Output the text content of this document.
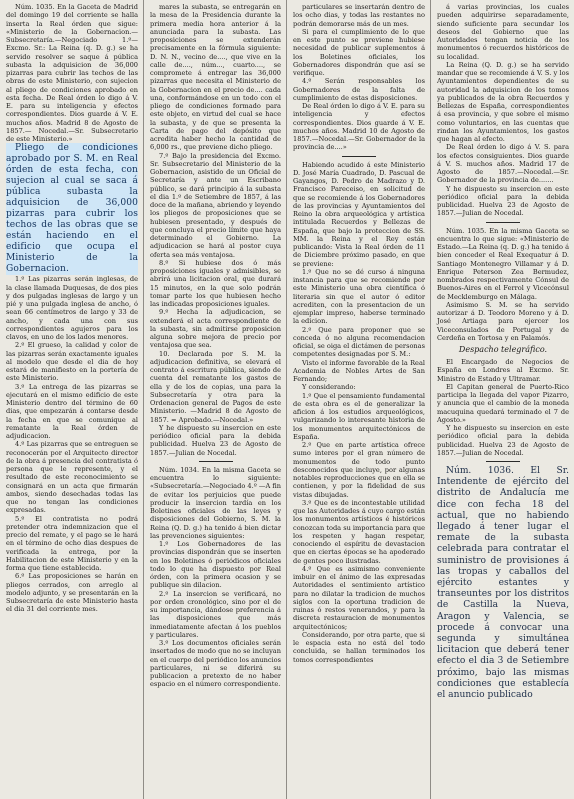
Núm. 1035. En la Gaceta de Madrid del domingo 19 del corriente se halla inserta la Real órden que sigue: «Ministerio de la Gobernacion.— Subsecretaría.—Negociado 1.º—Excmo. Sr.: La Reina (q. D. g.) se ha servido resolver se saque á pública subasta la adquisicion de 36,000 pizarras para cubrir las techos de las obras de este Ministerio, con sujecion al pliego de condiciones aprobado en esta fecha. De Real órden lo digo á V. E. para su inteligencia y efectos correspondientes. Dios guarde á V. E. muchos años. Madrid 8 de Agosto de 1857.— Nocedal.—Sr. Subsecretario de este Ministerio.»

Pliego de condiciones aprobado por S. M. en Real órden de esta fecha, con sujecion al cual se saca á pública subasta la adquisicion de 36,000 pizarras para cubrir los techos de las obras que se están haciendo en el edificio que ocupa el Ministerio de la Gobernacion.

1.º Las pizarras serán inglesas, de la clase llamada Duquesas, de dos pies y dos pulgadas inglesas de largo y un pié y una pulgada inglesa de ancho, ó sean 66 centímetros de largo y 33 de ancho, y cada una con sus correspondientes agujeros para los clavos, en uno de los lados menores.

2.º El grueso, la calidad y color de las pizarras serán exactamente iguales al modelo que desde el dia de hoy estará de manifiesto en la portería de este Ministerio.

3.º La entrega de las pizarras se ejecutará en el mismo edificio de este Ministerio dentro del término de 60 dias, que empezarán á contarse desde la fecha en que se comunique al rematante la Real órden de adjudicacion.

4.º Las pizarras que se entreguen se reconocerán por el Arquitecto director de la obra á presencia del contratista ó persona que le represente, y el resultado de este reconocimiento se consignará en un acta que firmarán ambos, siendo desechadas todas las que no tengan las condiciones expresadas.

5.º El contratista no podrá pretender otra indemnizacion que el precio del remate, y el pago se le hará en el término de ocho dias despues de verificada la entrega, por la Habilitacion de este Ministerio y en la forma que tiene establecida.

6.º Las proposiciones se harán en pliegos cerrados, con arreglo al modelo adjunto, y se presentarán en la Subsecretaría de este Ministerio hasta el dia 31 del corriente mes.

mares la subasta, se entregarán en la mesa de la Presidencia durante la primera media hora anterior á la anunciada para la subasta. Las proposiciones se extenderán precisamente en la fórmula siguiente: D. N. N., vecino de...., que vive en la calle de...., núm..., cuarto...., se compromete á entregar las 36,000 pizarras que necesita el Ministerio de la Gobernacion en el precio de.... cada una, conformándose en un todo con el pliego de condiciones formado para este objeto, en virtud del cual se hace la subasta, y de que se presenta la Carta de pago del depósito que acredita haber hecho la cantidad de 6,000 rs., que previene dicho pliego.

7.º Bajo la presidencia del Excmo. Sr. Subsecretario del Ministerio de la Gobernacion, asistido de un Oficial de Secretaría y ante un Escribano público, se dará principio á la subasta el dia 1.º de Setiembre de 1857, á las doce de la mañana, abriendo y leyendo los pliegos de proposiciones que se hubiesen presentado, y después de que concluya el precio límite que haya determinado el Gobierno. La adjudicacion se hará al postor cuya oferta sea más ventajosa.

8.º Si hubiese dos ó más proposiciones iguales y admisibles, se abrirá una licitacion oral, que durará 15 minutos, en la que solo podrán tomar parte los que hubiesen hecho las indicadas proposiciones iguales.

9.º Hecha la adjudicacion, se extenderá el acta correspondiente de la subasta, sin admitirse proposicion alguna sobre mejora de precio por ventajosa que sea.

10. Declarada por S. M. la adjudicacion definitiva, se elevará el contrato á escritura pública, siendo de cuenta del rematante los gastos de ella y de los de copias, una para la Subsecretaría y otra para la Ordenacion general de Pagos de este Ministerio. —Madrid 8 de Agosto de 1857. = Aprobado.—Nocedal.»

Y he dispuesto su insercion en este periódico oficial para la debida publicidad. Huelva 23 de Agosto de 1857.—Julian de Nocedal.

Núm. 1034. En la misma Gaceta se encuentra lo siguiente: «Subsecretaría.—Negociado 4.º —A fin de evitar los perjuicios que puede producir la insercion tardía en los Boletines oficiales de las leyes y disposiciones del Gobierno, S. M. la Reina (Q. D. g.) ha tenido á bien dictar las prevenciones siguientes:

1.º Los Gobernadores de las provincias dispondrán que se inserten en los Boletines ó periódicos oficiales todo lo que ha dispuesto por Real órden, con la primera ocasion y se publique sin dilacion.

2.º La insercion se verificará, no por orden cronológico, sino por el de su importancia, dándose preferencia á las disposiciones que más inmediatamente afectan á los pueblos y particulares.

3.º Los documentos oficiales serán insertados de modo que no se incluyan en el cuerpo del periódico los anuncios particulares, ni se diferirá su publicacion a pretexto de no haber espacio en el número correspondiente.

particulares se insertarán dentro de los ocho dias, y todas las restantes no podrán demorarse más de un mes.

Si para el cumplimiento de lo que en este punto se previene hubiese necesidad de publicar suplementos á los Boletines oficiales, los Gobernadores dispondrán que así se verifique.

4.º Serán responsables los Gobernadores de la falta de cumplimiento de estas disposiciones.

De Real órden lo digo á V. E. para su inteligencia y efectos correspondientes. Dios guarde á V. E. muchos años. Madrid 10 de Agosto de 1857.—Nocedal.—Sr. Gobernador de la provincia de....»

Habiendo acudido á este Ministerio D. José María Cuadrado, D. Pascual de Gayangos, D. Pedro de Madrazo y D. Francisco Pareceiso, en solicitud de que se recomiende á los Gobernadores de las provincias y Ayuntamientos del Reino la obra arqueológica y artística intitulada Recuerdos y Bellezas de España, que bajo la proteccion de SS. MM. la Reina y el Rey están publicando: Vista la Real órden de 11 de Diciembre próximo pasado, en que se previene:

1.º Que no se dé curso á ninguna instancia para que se recomiende por este Ministerio una obra científica ó literaria sin que el autor ó editor acrediten, con la presentacion de un ejemplar impreso, haberse terminado la edicion.

2.º Que para proponer que se conceda ó no alguna recomendacion oficial, se oiga el dictámen de personas competentes designadas por S. M.:

Visto el informe favorable de la Real Academia de Nobles Artes de San Fernando;

Y considerando:

1.º Que el pensamiento fundamental de esta obra es el de generalizar la aficion á los estudios arqueológicos, vulgarizando lo interesante historia de los monumentos arquitectónicos de España.

2.º Que en parte artística ofrece sumo interes por el gran número de monumentos de todo punto desconocidos que incluye, por algunas notables reproducciones que en ella se contienen, y por la fidelidad de sus vistas dibujadas.

3.º Que es de incontestable utilidad que las Autoridades á cuyo cargo están los monumentos artísticos é históricos conozcan toda su importancia para que los respeten y hagan respetar, conociendo el espíritu de devastacion que en ciertas épocas se ha apoderado de gentes poco ilustradas.

4.º Que es asimismo conveniente imbuir en el ánimo de las expresadas Autoridades el sentimiento artístico para no dilatar la tradicion de muchos siglos con la oportuna tradicion de ruinas ó restos venerandos, y para la discreta restauracion de monumentos arquitectónicos;

Considerando, por otra parte, que si le espacia esta no está del todo concluida, se hallan terminados los tomos correspondientes

á varias provincias, los cuales pueden adquirirse separadamente, siendo suficiente para secundar los deseos del Gobierno que las Autoridades tengan noticia de los monumentos ó recuerdos históricos de su localidad.

La Reina (Q. D. g.) se ha servido mandar que se recomiende á V. S. y los Ayuntamientos dependientes de su autoridad la adquisicion de los tomos ya publicados de la obra Recuerdos y Bellezas de España, correspondientes á esa provincia, y que sobre el mismo como voluntarios, en las cuentas que rindan los Ayuntamientos, los gastos que hagan al efecto.

De Real órden lo digo á V. S. para los efectos consiguientes. Dios guarde á V. S. muchos años. Madrid 17 de Agosto de 1857.—Nocedal.—Sr. Gobernador de la provincia de.......

Y he dispuesto su insercion en este periódico oficial para la debida publicidad. Huelva 23 de Agosto de 1857.—Julian de Nocedal.

Núm. 1035. En la misma Gaceta se encuentra lo que sigue: «Ministerio de Estado.—La Reina (q. D. g.) ha tenido á bien conceder el Real Exequatur á D. Santiago Montenegro Villamar y á D. Enrique Peterson Zea Bermudez, nombrados respectivamente Cónsul de Buenos-Aires en el Ferrol y Vicecónsul de Mecklemburgo en Málaga.

Asimismo S. M. se ha servido autorizar á D. Teodoro Moreno y á D. José Artiaga para ejercer los Viceconsulados de Portugal y de Cerdeña en Tortosa y en Palamós.

Despacho telegráfico.

El Encargado de Negocios de España en Londres al Excmo. Sr. Ministro de Estado y Ultramar.

El Capitan general de Puerto-Rico participa la llegada del vapor Pizarro, y anuncia que el cambio de la moneda macuquina quedará terminado el 7 de Agosto.»

Y he dispuesto su insercion en este periódico oficial para la debida publicidad. Huelva 23 de Agosto de 1857.—Julian de Nocedal.

Núm. 1036. El Sr. Intendente de ejército del distrito de Andalucía me dice con fecha 18 del actual, que no habiendo llegado á tener lugar el remate de la subasta celebrada para contratar el suministro de provisiones á las tropas y caballos del ejército estantes y transeuntes por los distritos de Castilla la Nueva, Aragon y Valencia, se procede á convocar una segunda y simultánea licitacion que deberá tener efecto el dia 3 de Setiembre próximo, bajo las mismas condiciones que establecía el anuncio publicado
